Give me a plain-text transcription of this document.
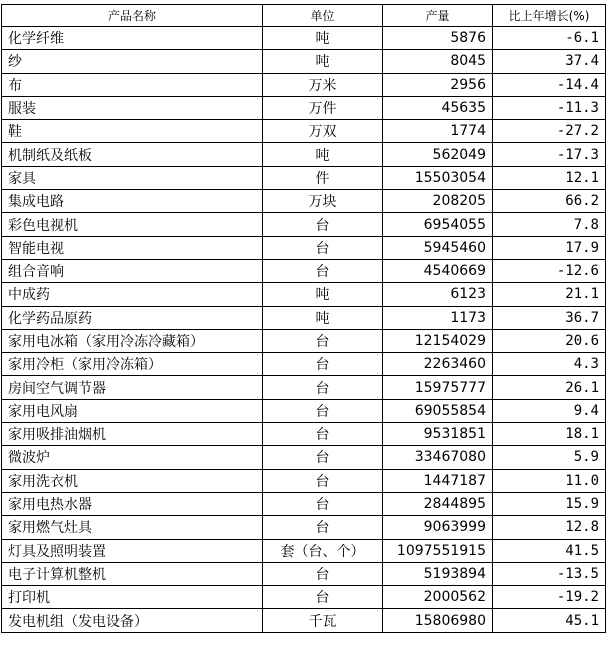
产品名称	单位	产量	比上年增长(%)
化学纤维	吨	5876	-6.1
纱	吨	8045	37.4
布	万米	2956	-14.4
服装	万件	45635	-11.3
鞋	万双	1774	-27.2
机制纸及纸板	吨	562049	-17.3
家具	件	15503054	12.1
集成电路	万块	208205	66.2
彩色电视机	台	6954055	7.8
智能电视	台	5945460	17.9
组合音响	台	4540669	-12.6
中成药	吨	6123	21.1
化学药品原药	吨	1173	36.7
家用电冰箱（家用冷冻冷藏箱）	台	12154029	20.6
家用冷柜（家用冷冻箱）	台	2263460	4.3
房间空气调节器	台	15975777	26.1
家用电风扇	台	69055854	9.4
家用吸排油烟机	台	9531851	18.1
微波炉	台	33467080	5.9
家用洗衣机	台	1447187	11.0
家用电热水器	台	2844895	15.9
家用燃气灶具	台	9063999	12.8
灯具及照明装置	套（台、个）	1097551915	41.5
电子计算机整机	台	5193894	-13.5
打印机	台	2000562	-19.2
发电机组（发电设备）	千瓦	15806980	45.1
